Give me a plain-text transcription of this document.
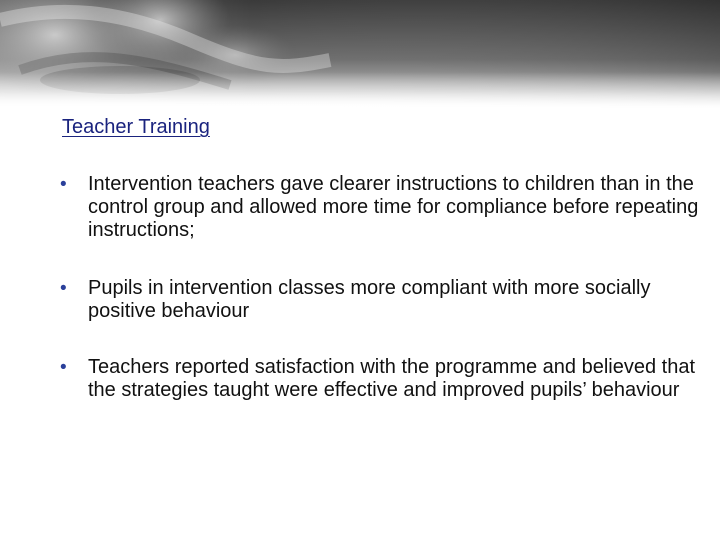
Teacher Training
• Intervention teachers gave clearer instructions to children than in the control group and allowed more time for compliance before repeating instructions;
• Pupils in intervention classes more compliant with more socially positive behaviour
• Teachers reported satisfaction with the programme and believed that the strategies taught were effective and improved pupils’ behaviour
